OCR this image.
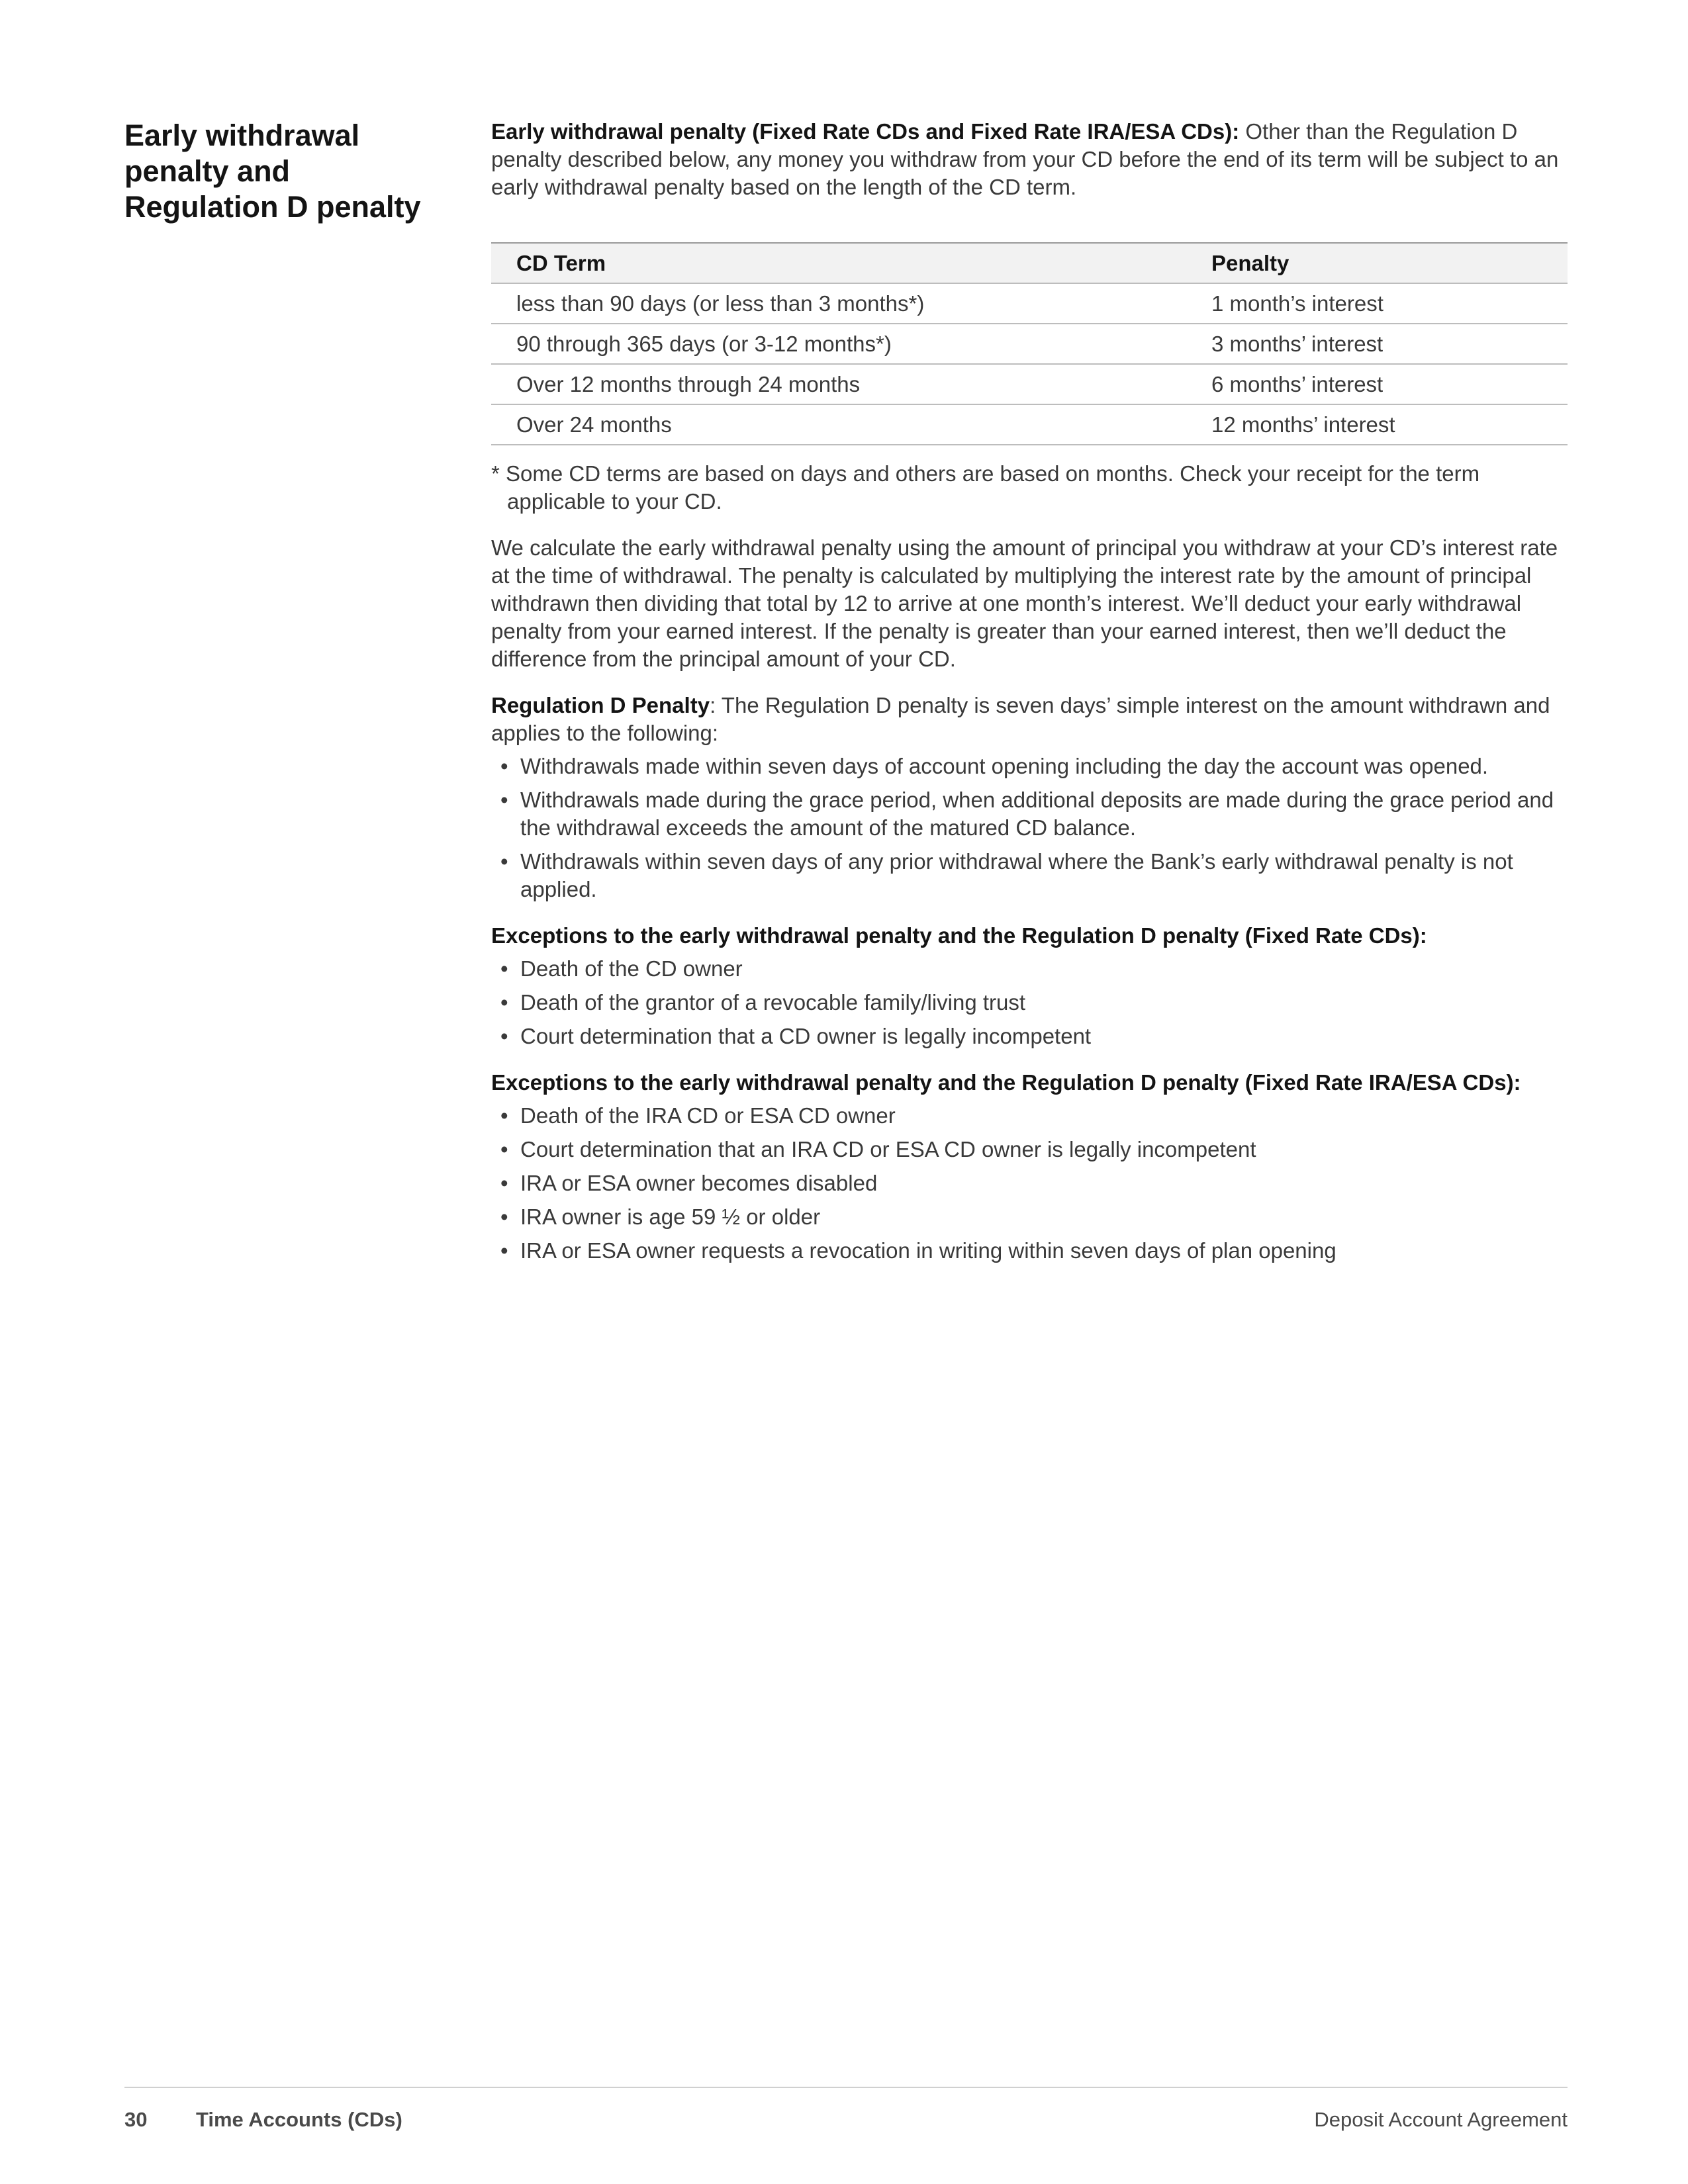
Early withdrawal
penalty and
Regulation D penalty

Early withdrawal penalty (Fixed Rate CDs and Fixed Rate IRA/ESA CDs): Other than the Regulation D penalty described below, any money you withdraw from your CD before the end of its term will be subject to an early withdrawal penalty based on the length of the CD term.

CD Term	Penalty
less than 90 days (or less than 3 months*)	1 month’s interest
90 through 365 days (or 3-12 months*)	3 months’ interest
Over 12 months through 24 months	6 months’ interest
Over 24 months	12 months’ interest

* Some CD terms are based on days and others are based on months. Check your receipt for the term applicable to your CD.

We calculate the early withdrawal penalty using the amount of principal you withdraw at your CD’s interest rate at the time of withdrawal. The penalty is calculated by multiplying the interest rate by the amount of principal withdrawn then dividing that total by 12 to arrive at one month’s interest. We’ll deduct your early withdrawal penalty from your earned interest. If the penalty is greater than your earned interest, then we’ll deduct the difference from the principal amount of your CD.

Regulation D Penalty: The Regulation D penalty is seven days’ simple interest on the amount withdrawn and applies to the following:

• Withdrawals made within seven days of account opening including the day the account was opened.
• Withdrawals made during the grace period, when additional deposits are made during the grace period and the withdrawal exceeds the amount of the matured CD balance.
• Withdrawals within seven days of any prior withdrawal where the Bank’s early withdrawal penalty is not applied.

Exceptions to the early withdrawal penalty and the Regulation D penalty (Fixed Rate CDs):

• Death of the CD owner
• Death of the grantor of a revocable family/living trust
• Court determination that a CD owner is legally incompetent

Exceptions to the early withdrawal penalty and the Regulation D penalty (Fixed Rate IRA/ESA CDs):

• Death of the IRA CD or ESA CD owner
• Court determination that an IRA CD or ESA CD owner is legally incompetent
• IRA or ESA owner becomes disabled
• IRA owner is age 59 ½ or older
• IRA or ESA owner requests a revocation in writing within seven days of plan opening
30 Time Accounts (CDs)	Deposit Account Agreement
